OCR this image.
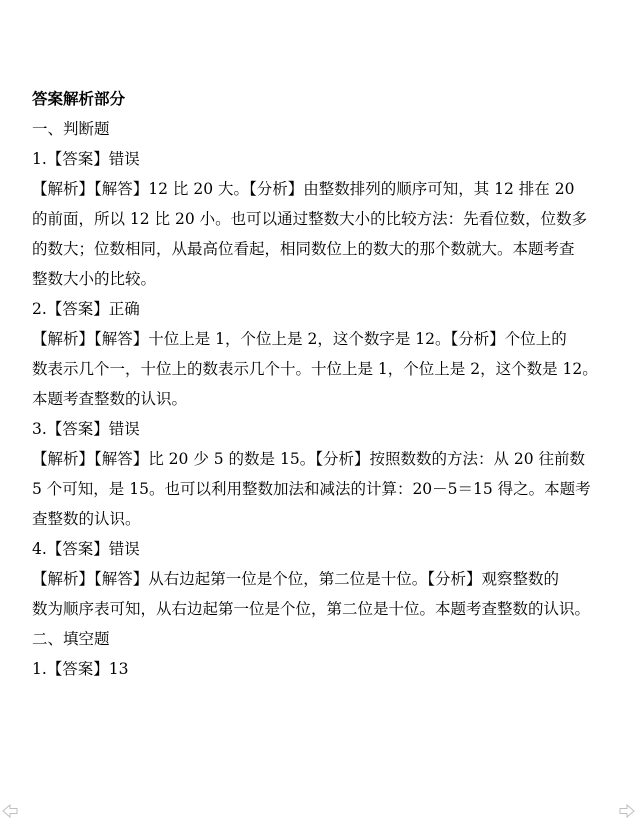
答案解析部分
一、判断题
1.【答案】错误
【解析】【解答】12 比 20 大。【分析】由整数排列的顺序可知，其 12 排在 20
的前面，所以 12 比 20 小。也可以通过整数大小的比较方法：先看位数，位数多
的数大；位数相同，从最高位看起，相同数位上的数大的那个数就大。本题考查
整数大小的比较。
2.【答案】正确
【解析】【解答】十位上是 1，个位上是 2，这个数字是 12。【分析】个位上的
数表示几个一，十位上的数表示几个十。十位上是 1，个位上是 2，这个数是 12。
本题考查整数的认识。
3.【答案】错误
【解析】【解答】比 20 少 5 的数是 15。【分析】按照数数的方法：从 20 往前数
5 个可知，是 15。也可以利用整数加法和减法的计算：20－5＝15 得之。本题考
查整数的认识。
4.【答案】错误
【解析】【解答】从右边起第一位是个位，第二位是十位。【分析】观察整数的
数为顺序表可知，从右边起第一位是个位，第二位是十位。本题考查整数的认识。
二、填空题
1.【答案】13
